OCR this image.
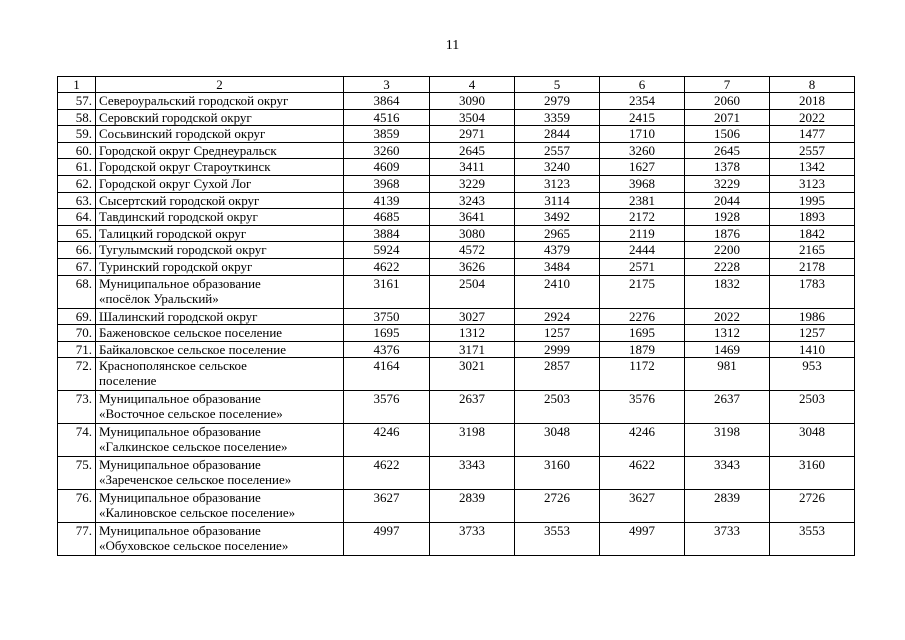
11
1	2	3	4	5	6	7	8
57.	Североуральский городской округ	3864	3090	2979	2354	2060	2018
58.	Серовский городской округ	4516	3504	3359	2415	2071	2022
59.	Сосьвинский городской округ	3859	2971	2844	1710	1506	1477
60.	Городской округ Среднеуральск	3260	2645	2557	3260	2645	2557
61.	Городской округ Староуткинск	4609	3411	3240	1627	1378	1342
62.	Городской округ Сухой Лог	3968	3229	3123	3968	3229	3123
63.	Сысертский городской округ	4139	3243	3114	2381	2044	1995
64.	Тавдинский городской округ	4685	3641	3492	2172	1928	1893
65.	Талицкий городской округ	3884	3080	2965	2119	1876	1842
66.	Тугулымский городской округ	5924	4572	4379	2444	2200	2165
67.	Туринский городской округ	4622	3626	3484	2571	2228	2178
68.	Муниципальное образование
«посёлок Уральский»	3161	2504	2410	2175	1832	1783
69.	Шалинский городской округ	3750	3027	2924	2276	2022	1986
70.	Баженовское сельское поселение	1695	1312	1257	1695	1312	1257
71.	Байкаловское сельское поселение	4376	3171	2999	1879	1469	1410
72.	Краснополянское сельское
поселение	4164	3021	2857	1172	981	953
73.	Муниципальное образование
«Восточное сельское поселение»	3576	2637	2503	3576	2637	2503
74.	Муниципальное образование
«Галкинское сельское поселение»	4246	3198	3048	4246	3198	3048
75.	Муниципальное образование
«Зареченское сельское поселение»	4622	3343	3160	4622	3343	3160
76.	Муниципальное образование
«Калиновское сельское поселение»	3627	2839	2726	3627	2839	2726
77.	Муниципальное образование
«Обуховское сельское поселение»	4997	3733	3553	4997	3733	3553
